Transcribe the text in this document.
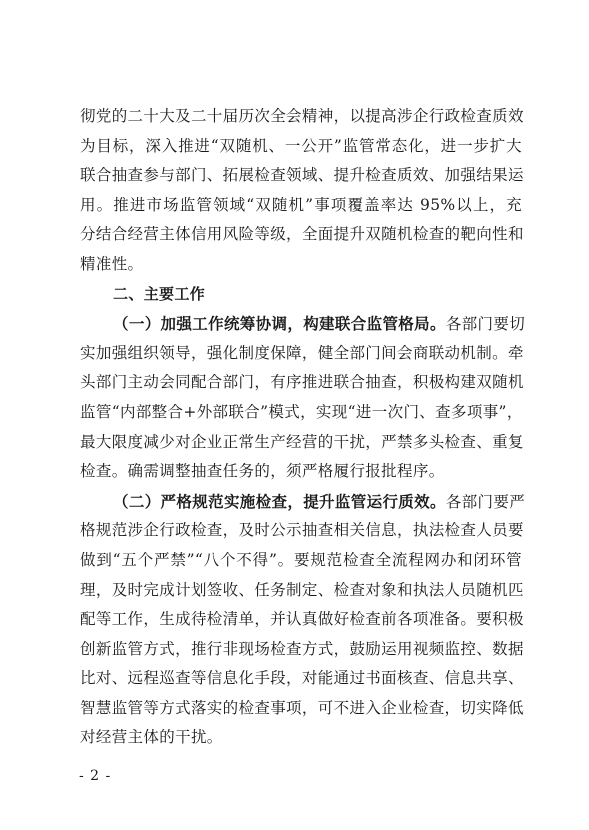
彻党的二十大及二十届历次全会精神，以提高涉企行政检查质效
为目标，深入推进“双随机、一公开”监管常态化，进一步扩大
联合抽查参与部门、拓展检查领域、提升检查质效、加强结果运
用。推进市场监管领域“双随机”事项覆盖率达 95%以上，充
分结合经营主体信用风险等级，全面提升双随机检查的靶向性和
精准性。
二、主要工作
（一）加强工作统筹协调，构建联合监管格局。各部门要切
实加强组织领导，强化制度保障，健全部门间会商联动机制。牵
头部门主动会同配合部门，有序推进联合抽查，积极构建双随机
监管“内部整合+外部联合”模式，实现“进一次门、查多项事”，
最大限度减少对企业正常生产经营的干扰，严禁多头检查、重复
检查。确需调整抽查任务的，须严格履行报批程序。
（二）严格规范实施检查，提升监管运行质效。各部门要严
格规范涉企行政检查，及时公示抽查相关信息，执法检查人员要
做到“五个严禁”“八个不得”。要规范检查全流程网办和闭环管
理，及时完成计划签收、任务制定、检查对象和执法人员随机匹
配等工作，生成待检清单，并认真做好检查前各项准备。要积极
创新监管方式，推行非现场检查方式，鼓励运用视频监控、数据
比对、远程巡查等信息化手段，对能通过书面核查、信息共享、
智慧监管等方式落实的检查事项，可不进入企业检查，切实降低
对经营主体的干扰。
- 2 -
